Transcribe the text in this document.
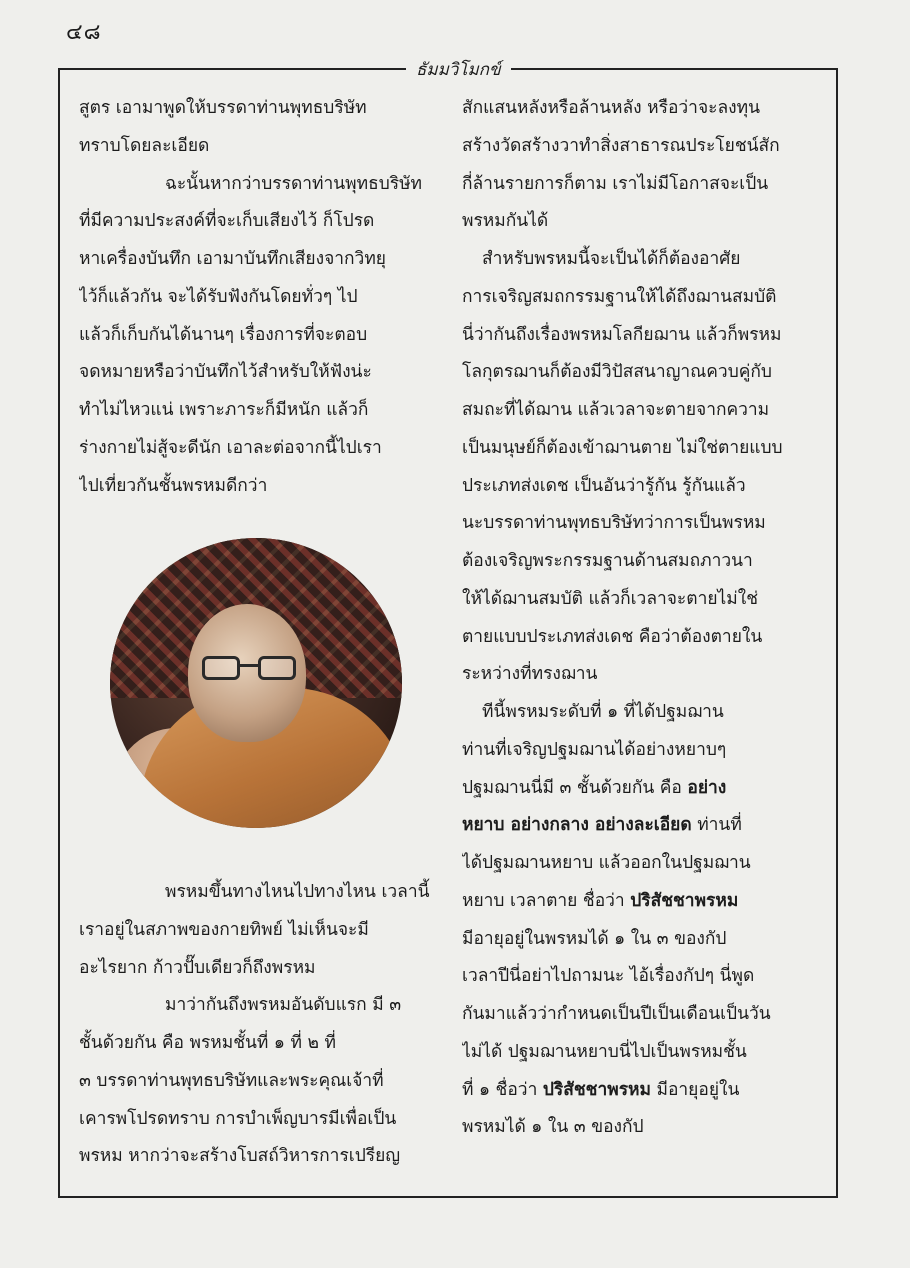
๔๘
ธัมมวิโมกข์

สูตร เอามาพูดให้บรรดาท่านพุทธบริษัท

ทราบโดยละเอียด

ฉะนั้นหากว่าบรรดาท่านพุทธบริษัท

ที่มีความประสงค์ที่จะเก็บเสียงไว้ ก็โปรด

หาเครื่องบันทึก เอามาบันทึกเสียงจากวิทยุ

ไว้ก็แล้วกัน จะได้รับฟังกันโดยทั่วๆ ไป

แล้วก็เก็บกันได้นานๆ เรื่องการที่จะตอบ

จดหมายหรือว่าบันทึกไว้สำหรับให้ฟังน่ะ

ทำไม่ไหวแน่ เพราะภาระก็มีหนัก แล้วก็

ร่างกายไม่สู้จะดีนัก เอาละต่อจากนี้ไปเรา

ไปเที่ยวกันชั้นพรหมดีกว่า

พรหมขึ้นทางไหนไปทางไหน เวลานี้

เราอยู่ในสภาพของกายทิพย์ ไม่เห็นจะมี

อะไรยาก ก้าวปั๊บเดียวก็ถึงพรหม

มาว่ากันถึงพรหมอันดับแรก มี ๓

ชั้นด้วยกัน คือ พรหมชั้นที่ ๑ ที่ ๒ ที่

๓ บรรดาท่านพุทธบริษัทและพระคุณเจ้าที่

เคารพโปรดทราบ การบำเพ็ญบารมีเพื่อเป็น

พรหม หากว่าจะสร้างโบสถ์วิหารการเปรียญ

สักแสนหลังหรือล้านหลัง หรือว่าจะลงทุน

สร้างวัดสร้างวาทำสิ่งสาธารณประโยชน์สัก

กี่ล้านรายการก็ตาม เราไม่มีโอกาสจะเป็น

พรหมกันได้

สำหรับพรหมนี้จะเป็นได้ก็ต้องอาศัย

การเจริญสมถกรรมฐานให้ได้ถึงฌานสมบัติ

นี่ว่ากันถึงเรื่องพรหมโลกียฌาน แล้วก็พรหม

โลกุตรฌานก็ต้องมีวิปัสสนาญาณควบคู่กับ

สมถะที่ได้ฌาน แล้วเวลาจะตายจากความ

เป็นมนุษย์ก็ต้องเข้าฌานตาย ไม่ใช่ตายแบบ

ประเภทส่งเดช เป็นอันว่ารู้กัน รู้กันแล้ว

นะบรรดาท่านพุทธบริษัทว่าการเป็นพรหม

ต้องเจริญพระกรรมฐานด้านสมถภาวนา

ให้ได้ฌานสมบัติ แล้วก็เวลาจะตายไม่ใช่

ตายแบบประเภทส่งเดช คือว่าต้องตายใน

ระหว่างที่ทรงฌาน

ทีนี้พรหมระดับที่ ๑ ที่ได้ปฐมฌาน

ท่านที่เจริญปฐมฌานได้อย่างหยาบๆ

ปฐมฌานนี่มี ๓ ชั้นด้วยกัน คือ อย่าง

หยาบ อย่างกลาง อย่างละเอียด ท่านที่

ได้ปฐมฌานหยาบ แล้วออกในปฐมฌาน

หยาบ เวลาตาย ชื่อว่า ปริสัชชาพรหม

มีอายุอยู่ในพรหมได้ ๑ ใน ๓ ของกัป

เวลาปีนี่อย่าไปถามนะ ไอ้เรื่องกัปๆ นี่พูด

กันมาแล้วว่ากำหนดเป็นปีเป็นเดือนเป็นวัน

ไม่ได้ ปฐมฌานหยาบนี่ไปเป็นพรหมชั้น

ที่ ๑ ชื่อว่า ปริสัชชาพรหม มีอายุอยู่ใน

พรหมได้ ๑ ใน ๓ ของกัป
